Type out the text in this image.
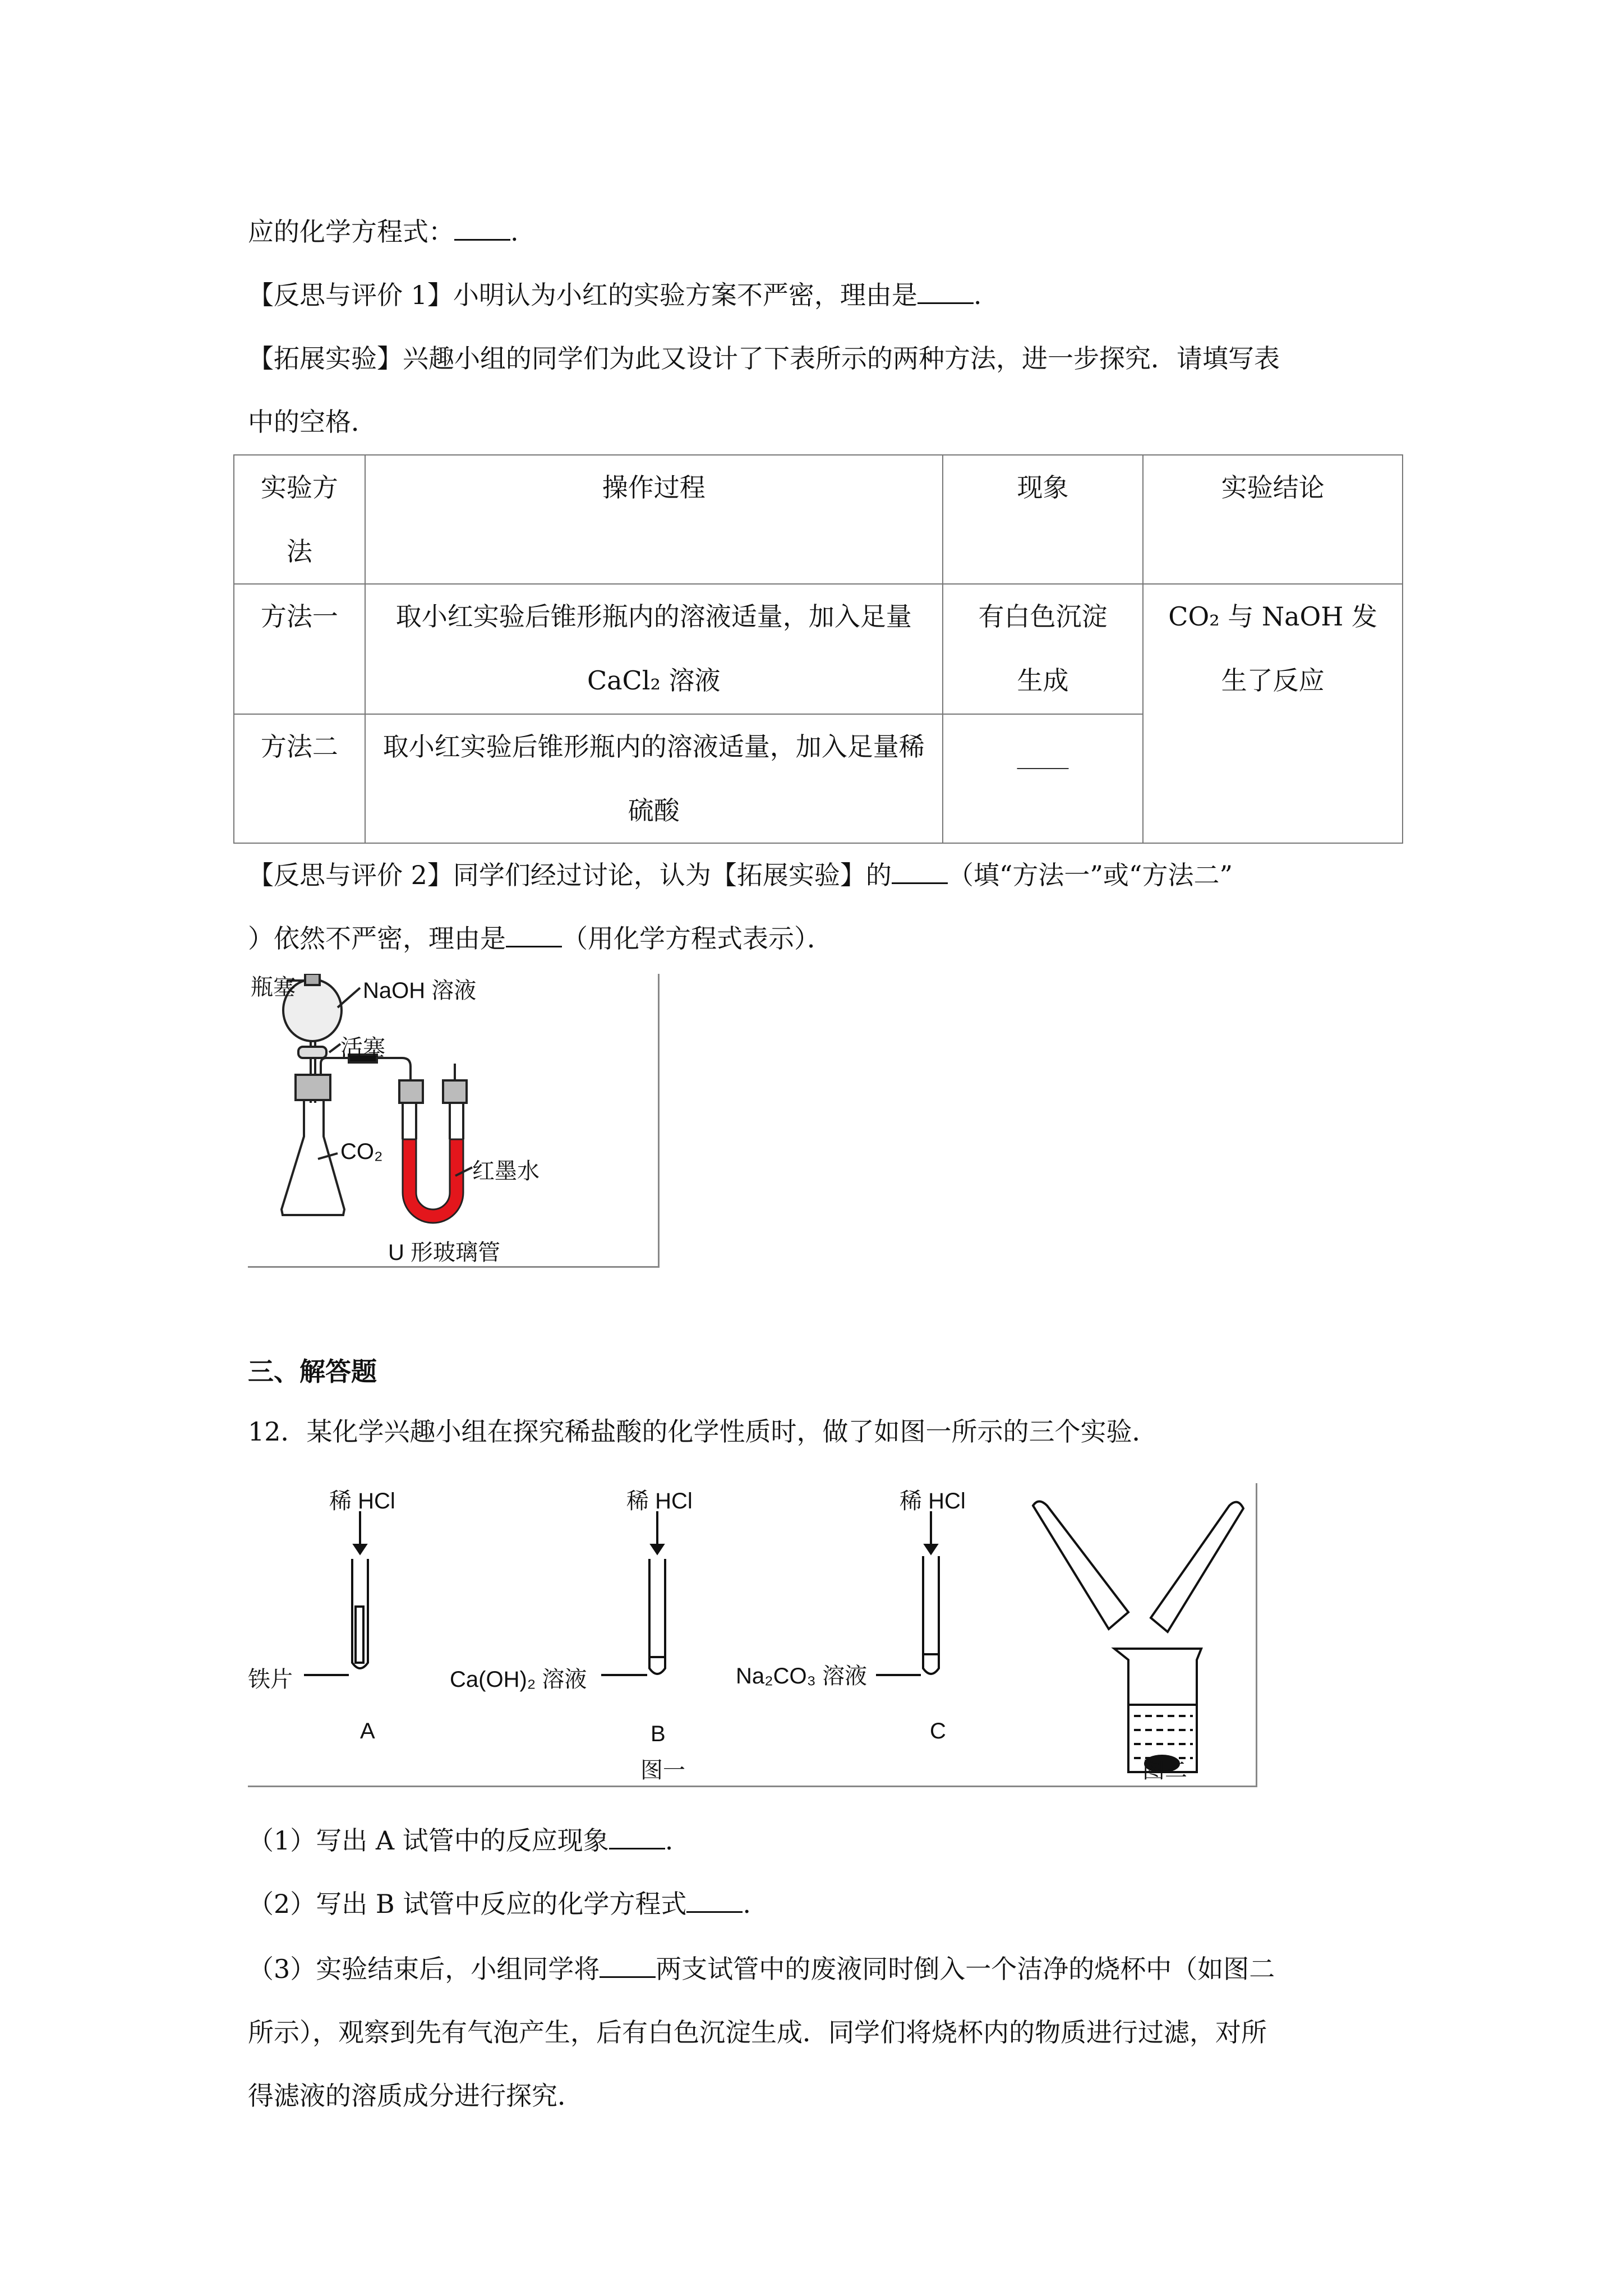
应的化学方程式： .
【反思与评价 1】小明认为小红的实验方案不严密，理由是 .
【拓展实验】兴趣小组的同学们为此又设计了下表所示的两种方法，进一步探究．请填写表
中的空格．
实验方法	操作过程	现象	实验结论
方法一	取小红实验后锥形瓶内的溶液适量，加入足量 CaCl₂ 溶液	有白色沉淀生成	CO₂ 与 NaOH 发生了反应
方法二	取小红实验后锥形瓶内的溶液适量，加入足量稀硫酸	____	
【反思与评价 2】同学们经过讨论，认为【拓展实验】的 （填“方法一”或“方法二”
）依然不严密，理由是 （用化学方程式表示）．
瓶塞	NaOH 溶液
活塞
CO₂
红墨水
U 形玻璃管
三、解答题
12．某化学兴趣小组在探究稀盐酸的化学性质时，做了如图一所示的三个实验．
稀 HCl	稀 HCl	稀 HCl
铁片	Ca(OH)₂ 溶液	Na₂CO₃ 溶液
A	B	C
图一	图二
（1）写出 A 试管中的反应现象 .
（2）写出 B 试管中反应的化学方程式 .
（3）实验结束后，小组同学将 两支试管中的废液同时倒入一个洁净的烧杯中（如图二
所示），观察到先有气泡产生，后有白色沉淀生成．同学们将烧杯内的物质进行过滤，对所
得滤液的溶质成分进行探究．
